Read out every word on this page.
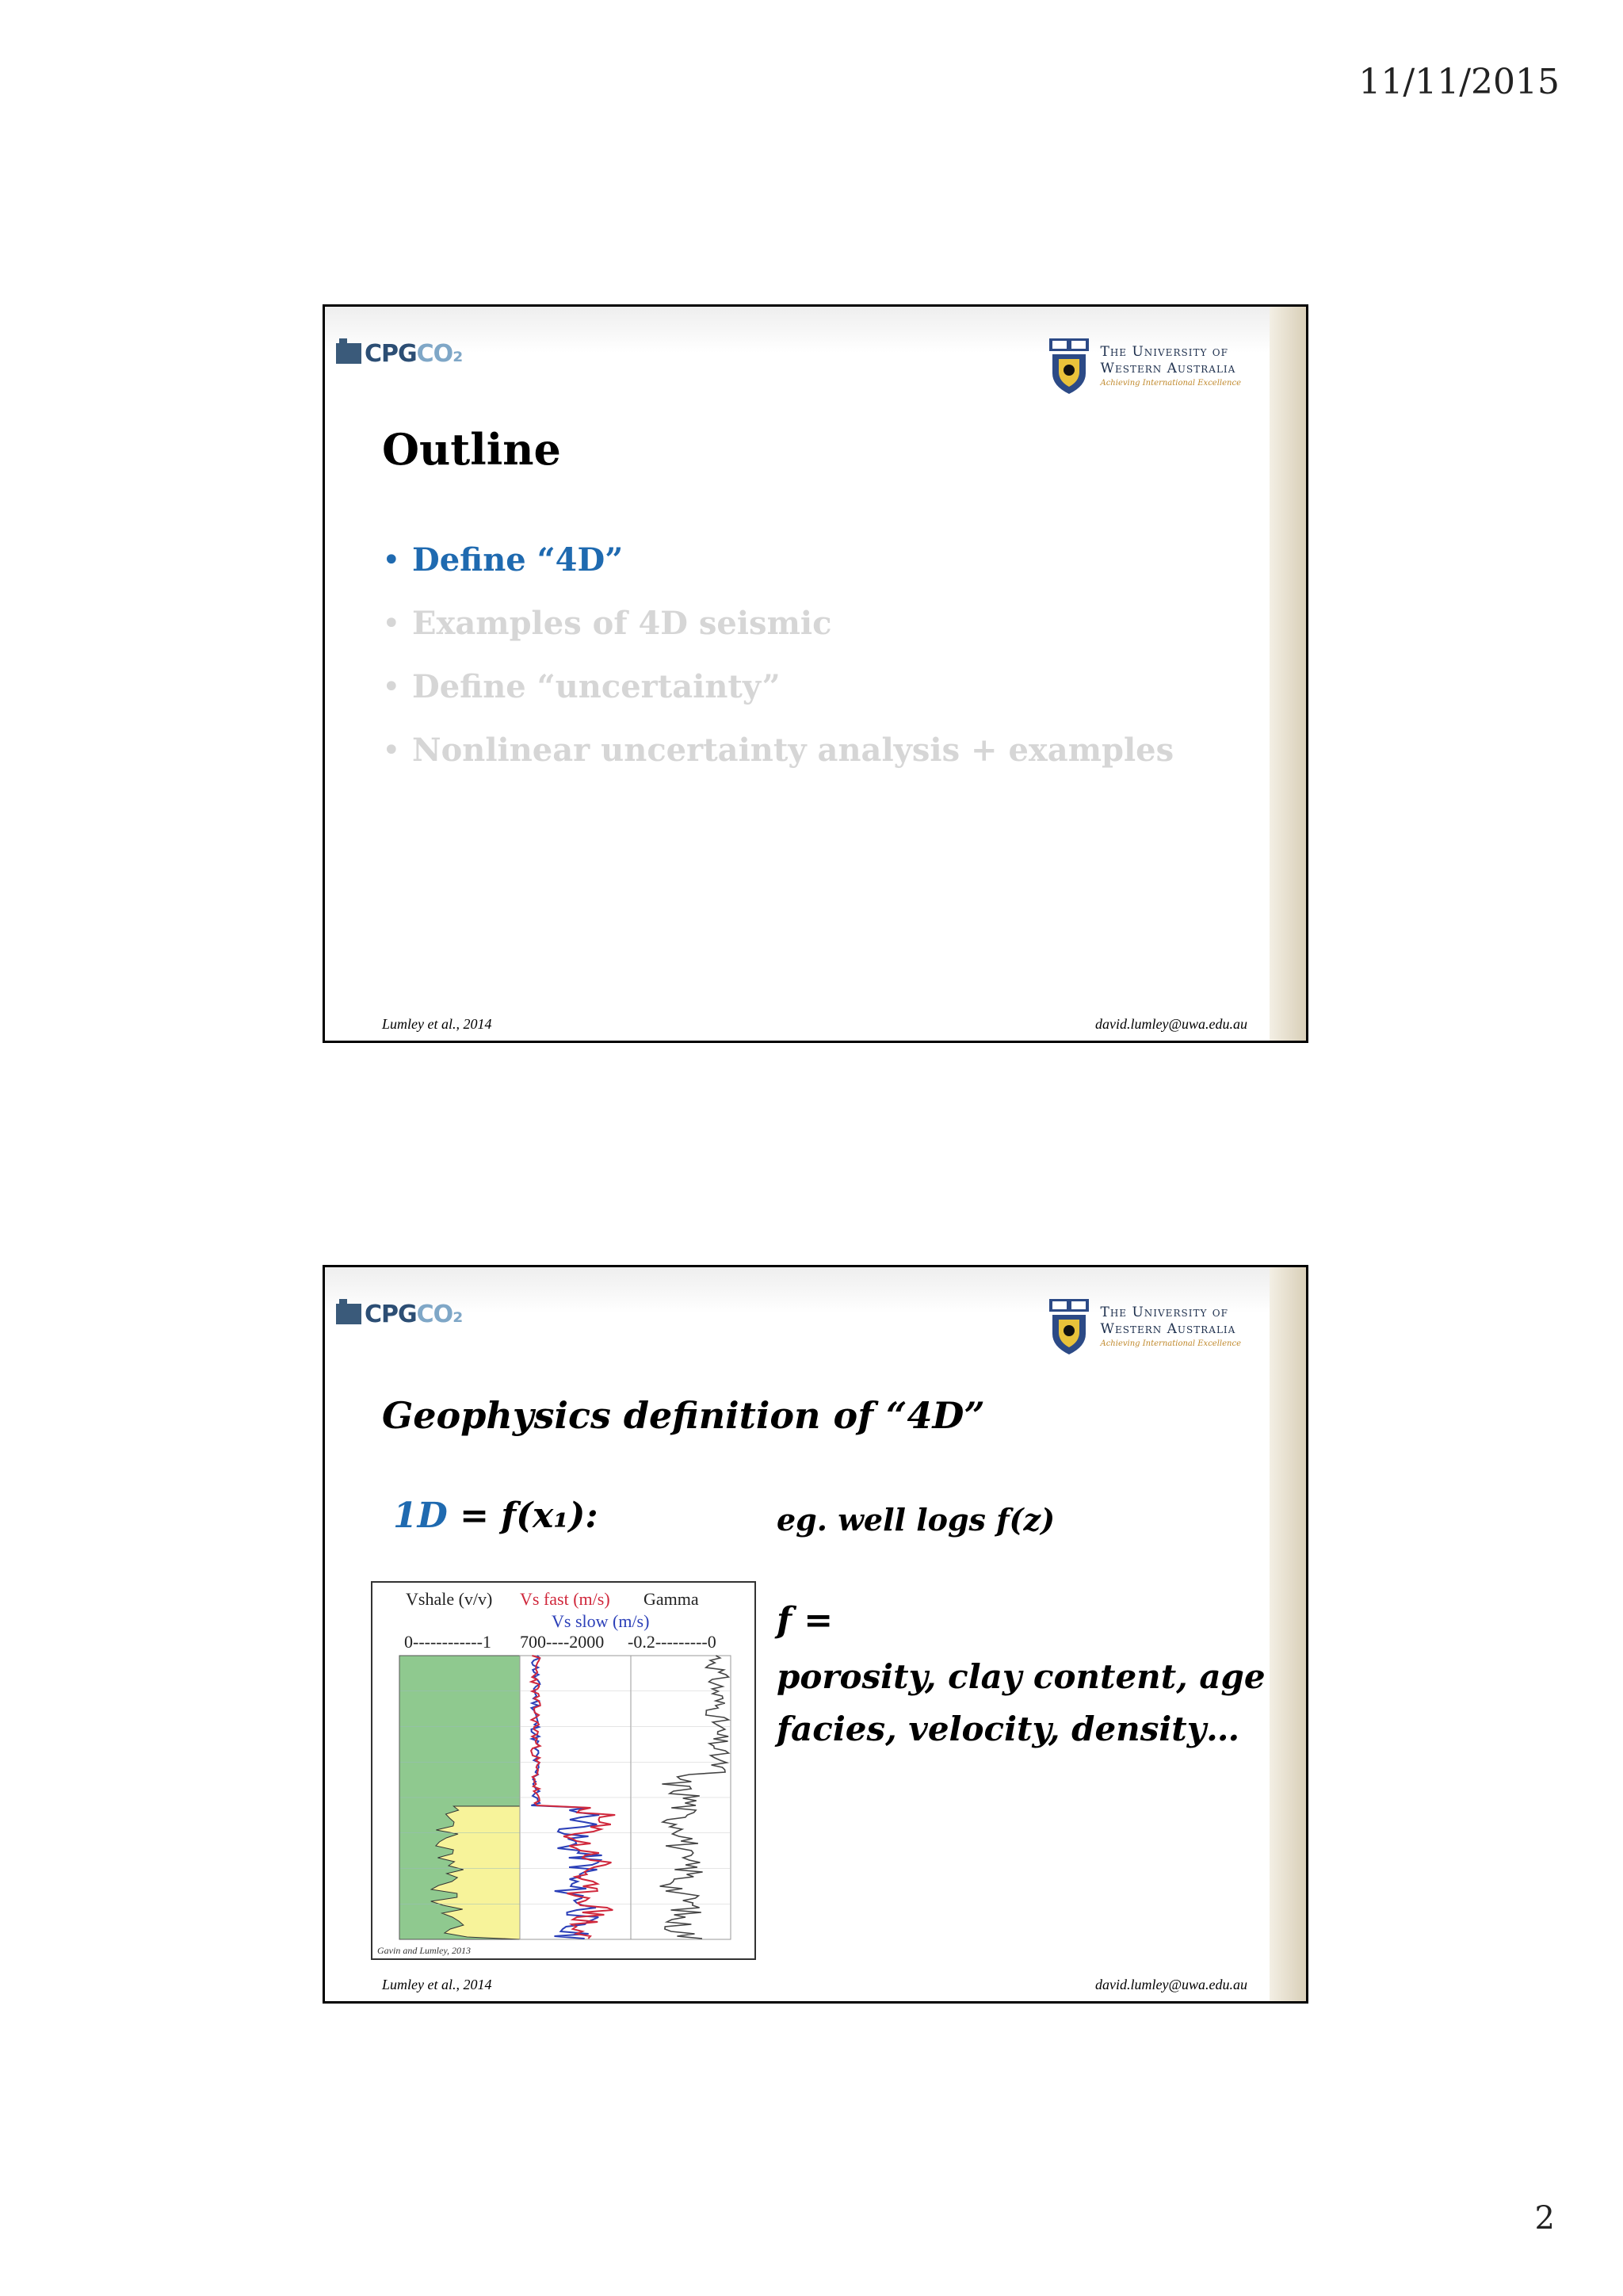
11/11/2015
CPG CO₂	The University of
Western Australia
Achieving International Excellence
Outline
• Define “4D”
• Examples of 4D seismic
• Define “uncertainty”
• Nonlinear uncertainty analysis + examples
Lumley et al., 2014	david.lumley@uwa.edu.au
CPG CO₂	The University of
Western Australia
Achieving International Excellence
Geophysics definition of “4D”
1D = f(x₁):	eg. well logs f(z)
f =
porosity, clay content, age
facies, velocity, density…
Vshale (v/v) Vs fast (m/s) Gamma
Vs slow (m/s)
0------------1 700----2000 -0.2---------0
Gavin and Lumley, 2013
Lumley et al., 2014	david.lumley@uwa.edu.au
2
